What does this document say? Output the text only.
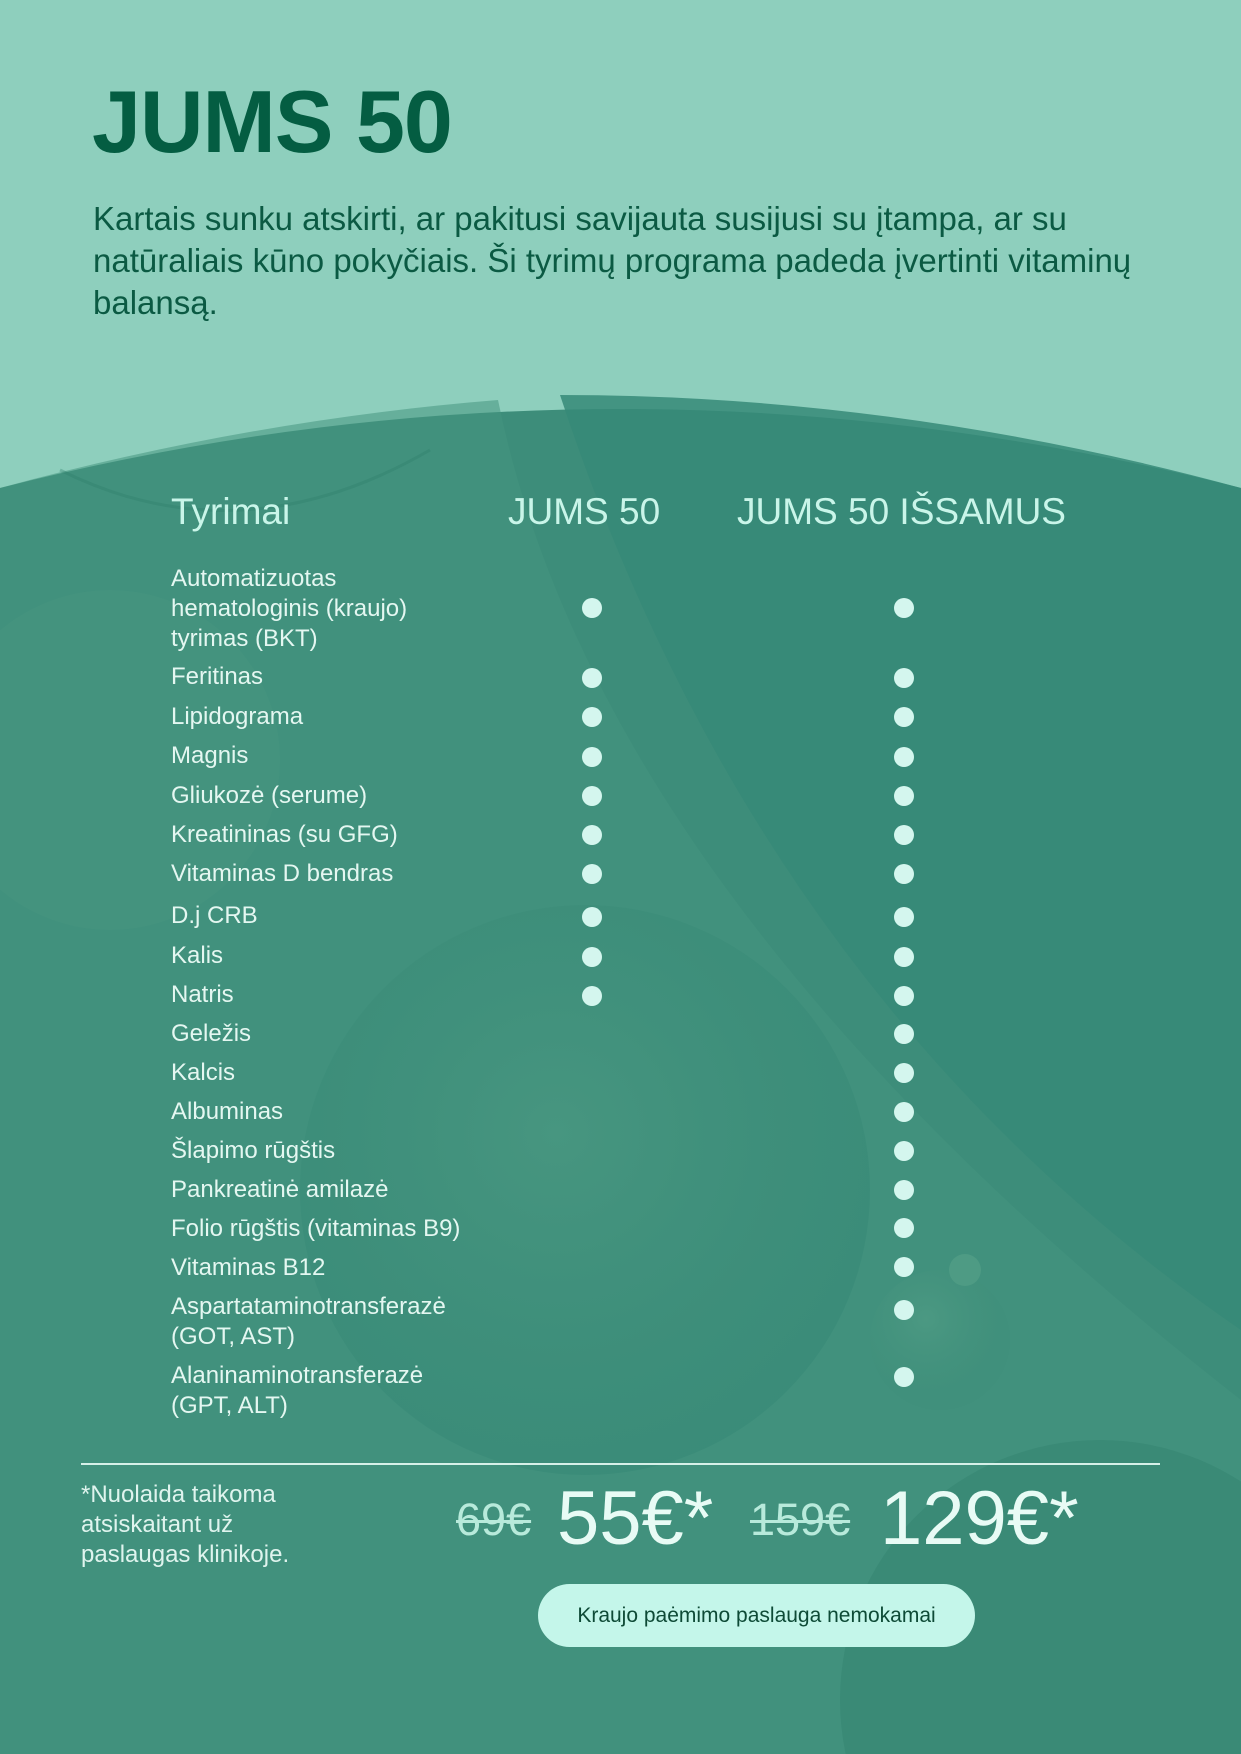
JUMS 50

Kartais sunku atskirti, ar pakitusi savijauta susijusi su įtampa, ar su natūraliais kūno pokyčiais. Ši tyrimų programa padeda įvertinti vitaminų balansą.

Tyrimai	JUMS 50 JUMS 50 IŠSAMUS
Automatizuotas hematologinis (kraujo) tyrimas (BKT)
Feritinas
Lipidograma
Magnis
Gliukozė (serume)
Kreatininas (su GFG)
Vitaminas D bendras
D.j CRB
Kalis
Natris
Geležis
Kalcis
Albuminas
Šlapimo rūgštis
Pankreatinė amilazė
Folio rūgštis (vitaminas B9)
Vitaminas B12
Aspartataminotransferazė (GOT, AST)
Alaninaminotransferazė (GPT, ALT)
*Nuolaida taikoma atsiskaitant už paslaugas klinikoje.
69€ 55€* 159€ 129€*
Kraujo paėmimo paslauga nemokamai
